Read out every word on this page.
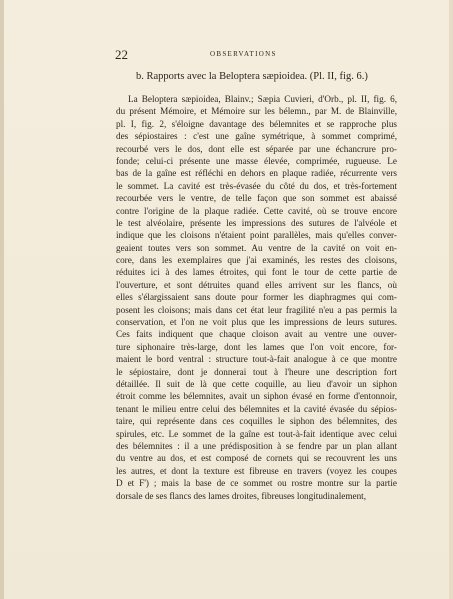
22	OBSERVATIONS
b. Rapports avec la Beloptera sæpioidea. (Pl. II, fig. 6.)
La Beloptera sæpioidea, Blainv.; Sæpia Cuvieri, d'Orb., pl. II, fig. 6,
du présent Mémoire, et Mémoire sur les bélemn., par M. de Blainville,
pl. I, fig. 2, s'éloigne davantage des bélemnites et se rapproche plus
des sépiostaires : c'est une gaîne symétrique, à sommet comprimé,
recourbé vers le dos, dont elle est séparée par une échancrure pro-
fonde; celui-ci présente une masse élevée, comprimée, rugueuse. Le
bas de la gaîne est réfléchi en dehors en plaque radiée, récurrente vers
le sommet. La cavité est très-évasée du côté du dos, et très-fortement
recourbée vers le ventre, de telle façon que son sommet est abaissé
contre l'origine de la plaque radiée. Cette cavité, où se trouve encore
le test alvéolaire, présente les impressions des sutures de l'alvéole et
indique que les cloisons n'étaient point parallèles, mais qu'elles conver-
geaient toutes vers son sommet. Au ventre de la cavité on voit en-
core, dans les exemplaires que j'ai examinés, les restes des cloisons,
réduites ici à des lames étroites, qui font le tour de cette partie de
l'ouverture, et sont détruites quand elles arrivent sur les flancs, où
elles s'élargissaient sans doute pour former les diaphragmes qui com-
posent les cloisons; mais dans cet état leur fragilité n'eu a pas permis la
conservation, et l'on ne voit plus que les impressions de leurs sutures.
Ces faits indiquent que chaque cloison avait au ventre une ouver-
ture siphonaire très-large, dont les lames que l'on voit encore, for-
maient le bord ventral : structure tout-à-fait analogue à ce que montre
le sépiostaire, dont je donnerai tout à l'heure une description fort
détaillée. Il suit de là que cette coquille, au lieu d'avoir un siphon
étroit comme les bélemnites, avait un siphon évasé en forme d'entonnoir,
tenant le milieu entre celui des bélemnites et la cavité évasée du sépios-
taire, qui représente dans ces coquilles le siphon des bélemnites, des
spirules, etc. Le sommet de la gaîne est tout-à-fait identique avec celui
des bélemnites : il a une prédisposition à se fendre par un plan allant
du ventre au dos, et est composé de cornets qui se recouvrent les uns
les autres, et dont la texture est fibreuse en travers (voyez les coupes
D et F') ; mais la base de ce sommet ou rostre montre sur la partie
dorsale de ses flancs des lames droites, fibreuses longitudinalement,
